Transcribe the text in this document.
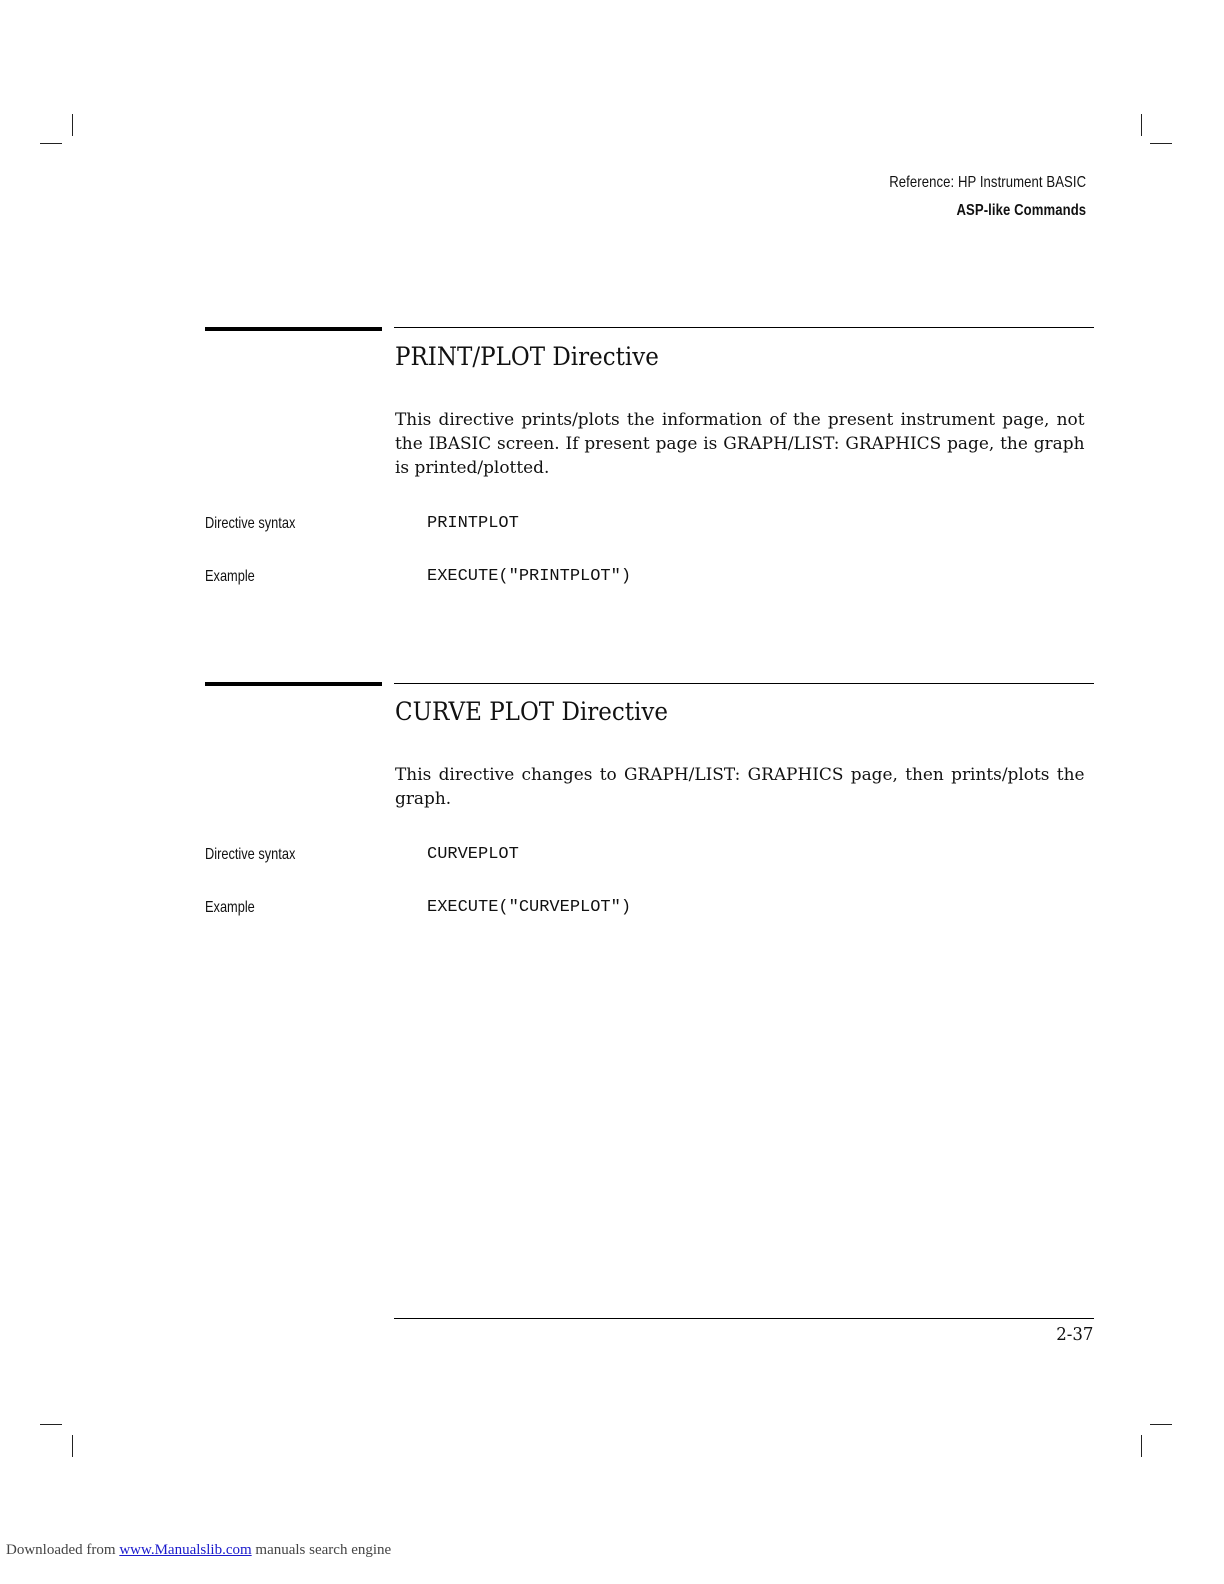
Reference: HP Instrument BASIC
ASP-like Commands
PRINT/PLOT Directive
This directive prints/plots the information of the present instrument page, not the IBASIC screen. If present page is GRAPH/LIST: GRAPHICS page, the graph is printed/plotted.
Directive syntax	PRINTPLOT
Example	EXECUTE("PRINTPLOT")
CURVE PLOT Directive
This directive changes to GRAPH/LIST: GRAPHICS page, then prints/plots the graph.
Directive syntax	CURVEPLOT
Example	EXECUTE("CURVEPLOT")
2-37
Downloaded from www.Manualslib.com manuals search engine
